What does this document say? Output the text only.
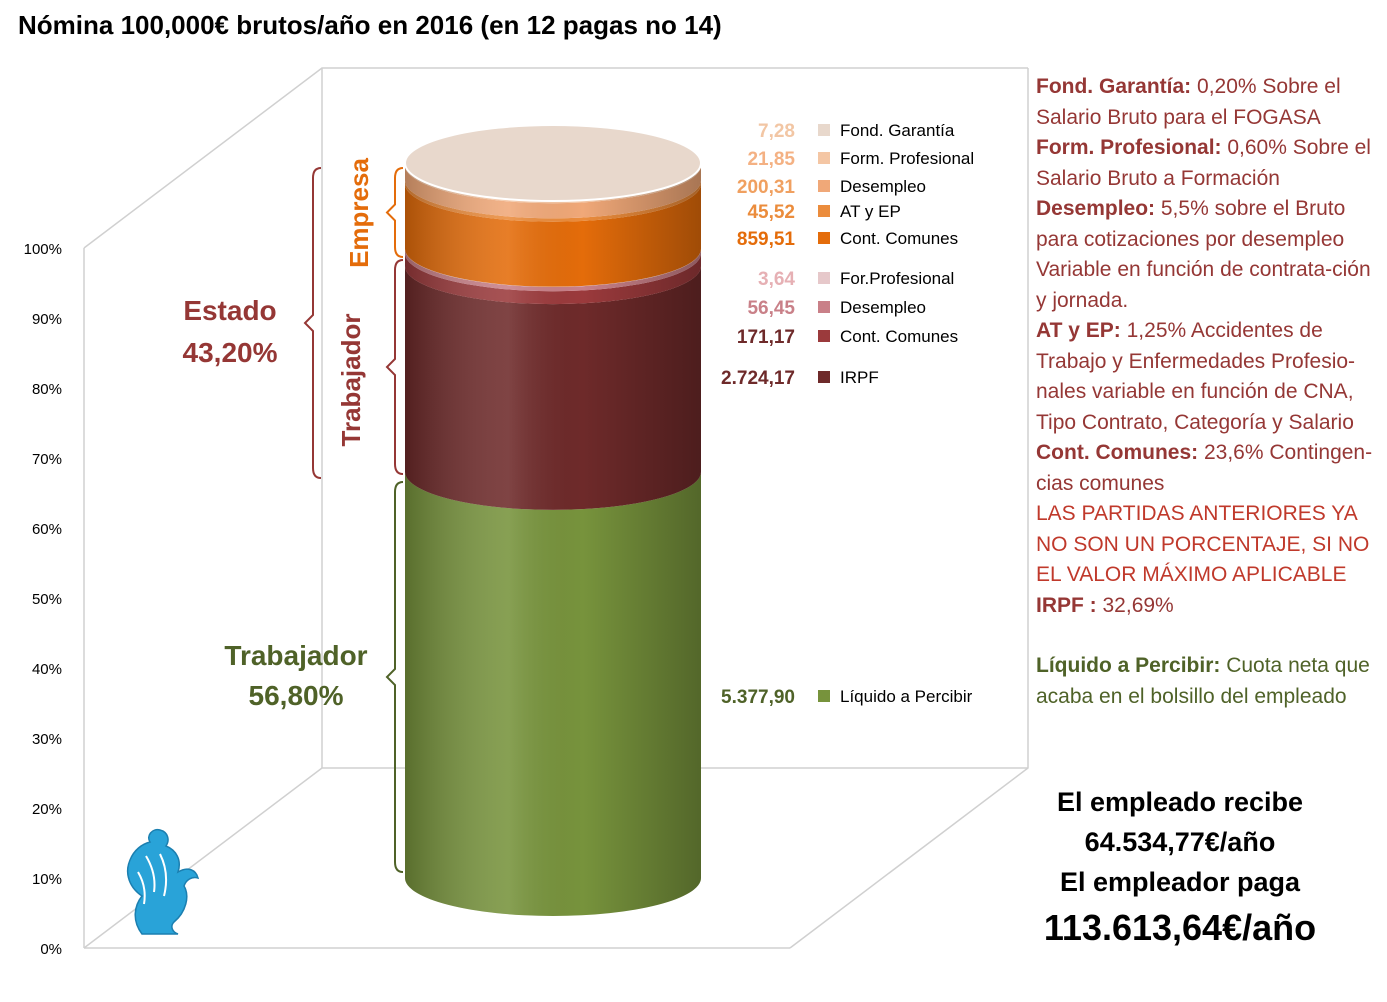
Nómina 100,000€ brutos/año en 2016 (en 12 pagas no 14)
0%
10%
20%
30%
40%
50%
60%
70%
80%
90%
100%
7,28	Fond. Garantía
21,85	Form. Profesional
200,31	Desempleo
45,52	AT y EP
859,51	Cont. Comunes
3,64	For.Profesional
56,45	Desempleo
171,17	Cont. Comunes
2.724,17	IRPF
5.377,90	Líquido a Percibir
Empresa
Trabajador
Estado
43,20%
Trabajador
56,80%
Fond. Garantía: 0,20% Sobre el Salario Bruto para el FOGASA
Form. Profesional: 0,60% Sobre el Salario Bruto a Formación
Desempleo: 5,5% sobre el Bruto para cotizaciones por desempleo Variable en función de contrata-ción y jornada.
AT y EP: 1,25% Accidentes de Trabajo y Enfermedades Profesio-nales variable en función de CNA, Tipo Contrato, Categoría y Salario
Cont. Comunes: 23,6% Contingen-cias comunes
LAS PARTIDAS ANTERIORES YA NO SON UN PORCENTAJE, SI NO EL VALOR MÁXIMO APLICABLE
IRPF : 32,69%
Líquido a Percibir: Cuota neta que acaba en el bolsillo del empleado
El empleado recibe
64.534,77€/año
El empleador paga
113.613,64€/año
